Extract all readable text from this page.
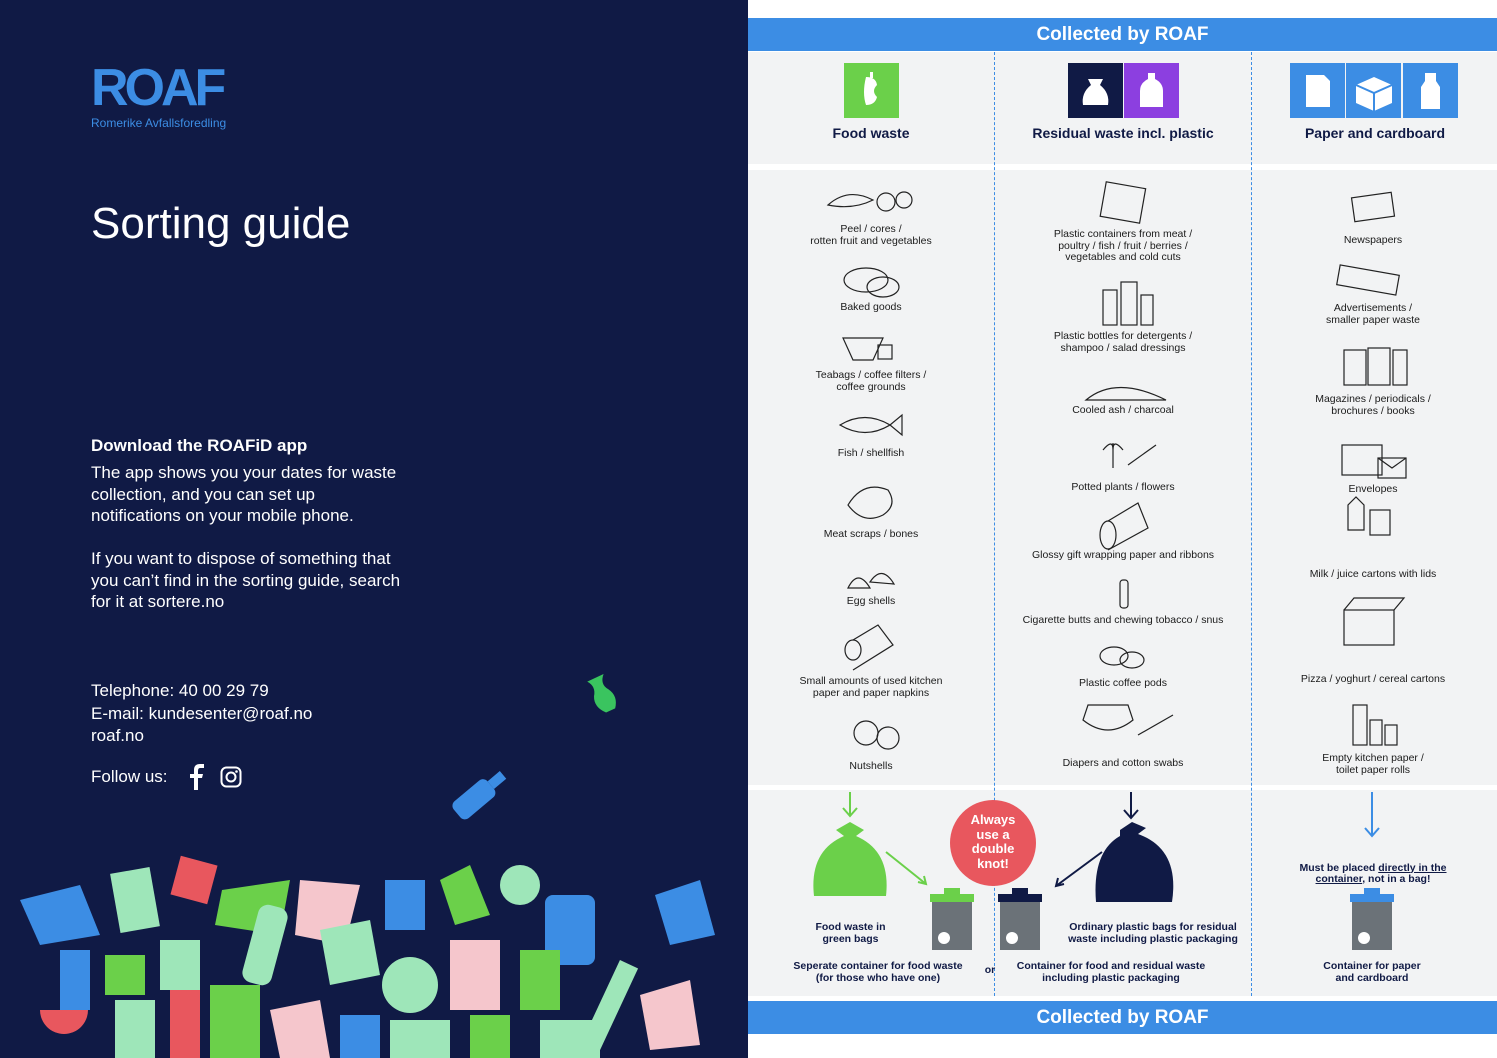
ROAF
Romerike Avfallsforedling
Sorting guide
Download the ROAFiD app
The app shows you your dates for waste collection, and you can set up notifications on your mobile phone.
If you want to dispose of something that you can’t find in the sorting guide, search for it at sortere.no
Telephone: 40 00 29 79
E-mail: kundesenter@roaf.no
roaf.no
Follow us:
Collected by ROAF
Food waste	Residual waste incl. plastic	Paper and cardboard
Peel / cores /
rotten fruit and vegetables
Baked goods
Teabags / coffee filters /
coffee grounds
Fish / shellfish
Meat scraps / bones
Egg shells
Small amounts of used kitchen
paper and paper napkins
Nutshells
Plastic containers from meat /
poultry / fish / fruit / berries /
vegetables and cold cuts
Plastic bottles for detergents /
shampoo / salad dressings
Cooled ash / charcoal
Potted plants / flowers
Glossy gift wrapping paper and ribbons
Cigarette butts and chewing tobacco / snus
Plastic coffee pods
Diapers and cotton swabs
Newspapers
Advertisements /
smaller paper waste
Magazines / periodicals /
brochures / books
Envelopes
Milk / juice cartons with lids
Pizza / yoghurt / cereal cartons
Empty kitchen paper /
toilet paper rolls
Always
use a
double
knot!
Food waste in
green bags
Seperate container for food waste
(for those who have one)
or
Ordinary plastic bags for residual
waste including plastic packaging
Container for food and residual waste
including plastic packaging

Must be placed directly in the container, not in a bag!

Container for paper
and cardboard
Collected by ROAF
